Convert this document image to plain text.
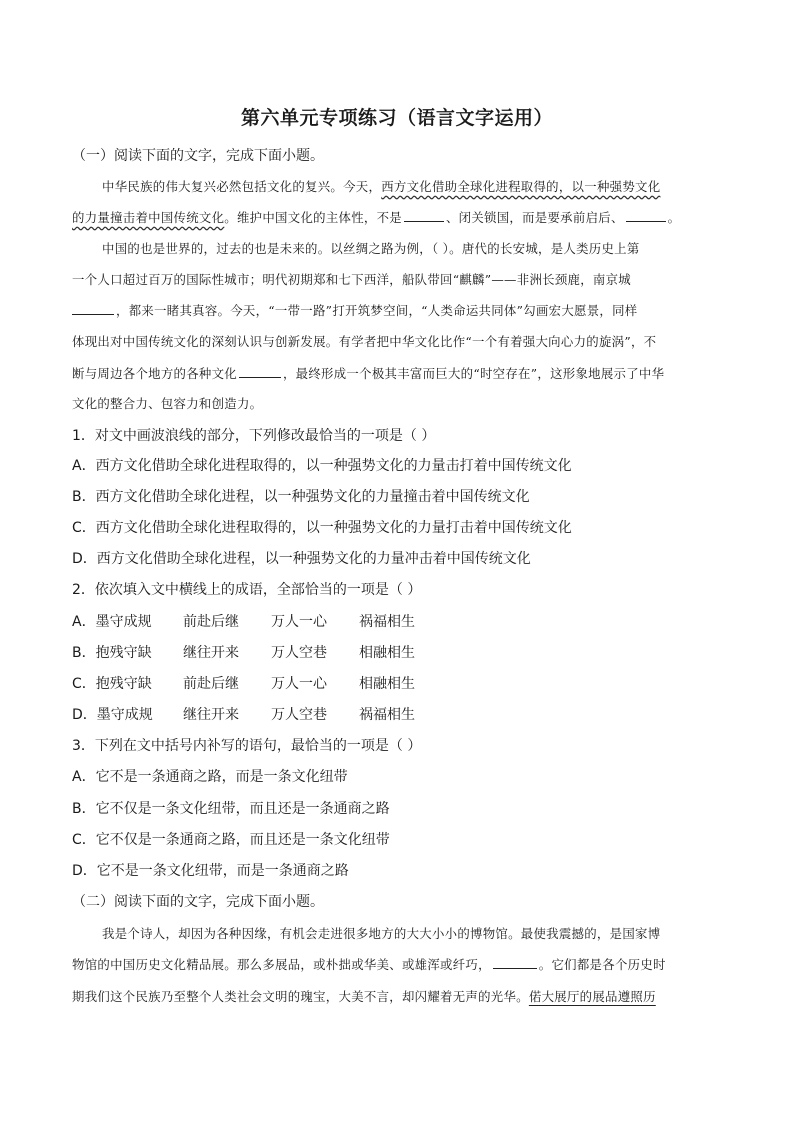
第六单元专项练习（语言文字运用）
（一）阅读下面的文字，完成下面小题。
中华民族的伟大复兴必然包括文化的复兴。今天，西方文化借助全球化进程取得的，以一种强势文化
的力量撞击着中国传统文化。维护中国文化的主体性，不是	、闭关锁国，而是要承前启后、	。
中国的也是世界的，过去的也是未来的。以丝绸之路为例，（ ）。唐代的长安城，是人类历史上第
一个人口超过百万的国际性城市；明代初期郑和七下西洋，船队带回“麒麟”——非洲长颈鹿，南京城
，都来一睹其真容。今天，“一带一路”打开筑梦空间，“人类命运共同体”勾画宏大愿景，同样
体现出对中国传统文化的深刻认识与创新发展。有学者把中华文化比作“一个有着强大向心力的旋涡”，不
断与周边各个地方的各种文化	，最终形成一个极其丰富而巨大的“时空存在”，这形象地展示了中华
文化的整合力、包容力和创造力。
1．对文中画波浪线的部分，下列修改最恰当的一项是（ ）
A．西方文化借助全球化进程取得的，以一种强势文化的力量击打着中国传统文化
B．西方文化借助全球化进程，以一种强势文化的力量撞击着中国传统文化
C．西方文化借助全球化进程取得的，以一种强势文化的力量打击着中国传统文化
D．西方文化借助全球化进程，以一种强势文化的力量冲击着中国传统文化
2．依次填入文中横线上的成语，全部恰当的一项是（ ）
A．墨守成规 前赴后继 万人一心 祸福相生
B．抱残守缺 继往开来 万人空巷 相融相生
C．抱残守缺 前赴后继 万人一心 相融相生
D．墨守成规 继往开来 万人空巷 祸福相生
3．下列在文中括号内补写的语句，最恰当的一项是（ ）
A．它不是一条通商之路，而是一条文化纽带
B．它不仅是一条文化纽带，而且还是一条通商之路
C．它不仅是一条通商之路，而且还是一条文化纽带
D．它不是一条文化纽带，而是一条通商之路
（二）阅读下面的文字，完成下面小题。
我是个诗人，却因为各种因缘，有机会走进很多地方的大大小小的博物馆。最使我震撼的，是国家博
物馆的中国历史文化精品展。那么多展品，或朴拙或华美、或雄浑或纤巧，	。它们都是各个历史时
期我们这个民族乃至整个人类社会文明的瑰宝，大美不言，却闪耀着无声的光华。偌大展厅的展品遵照历
